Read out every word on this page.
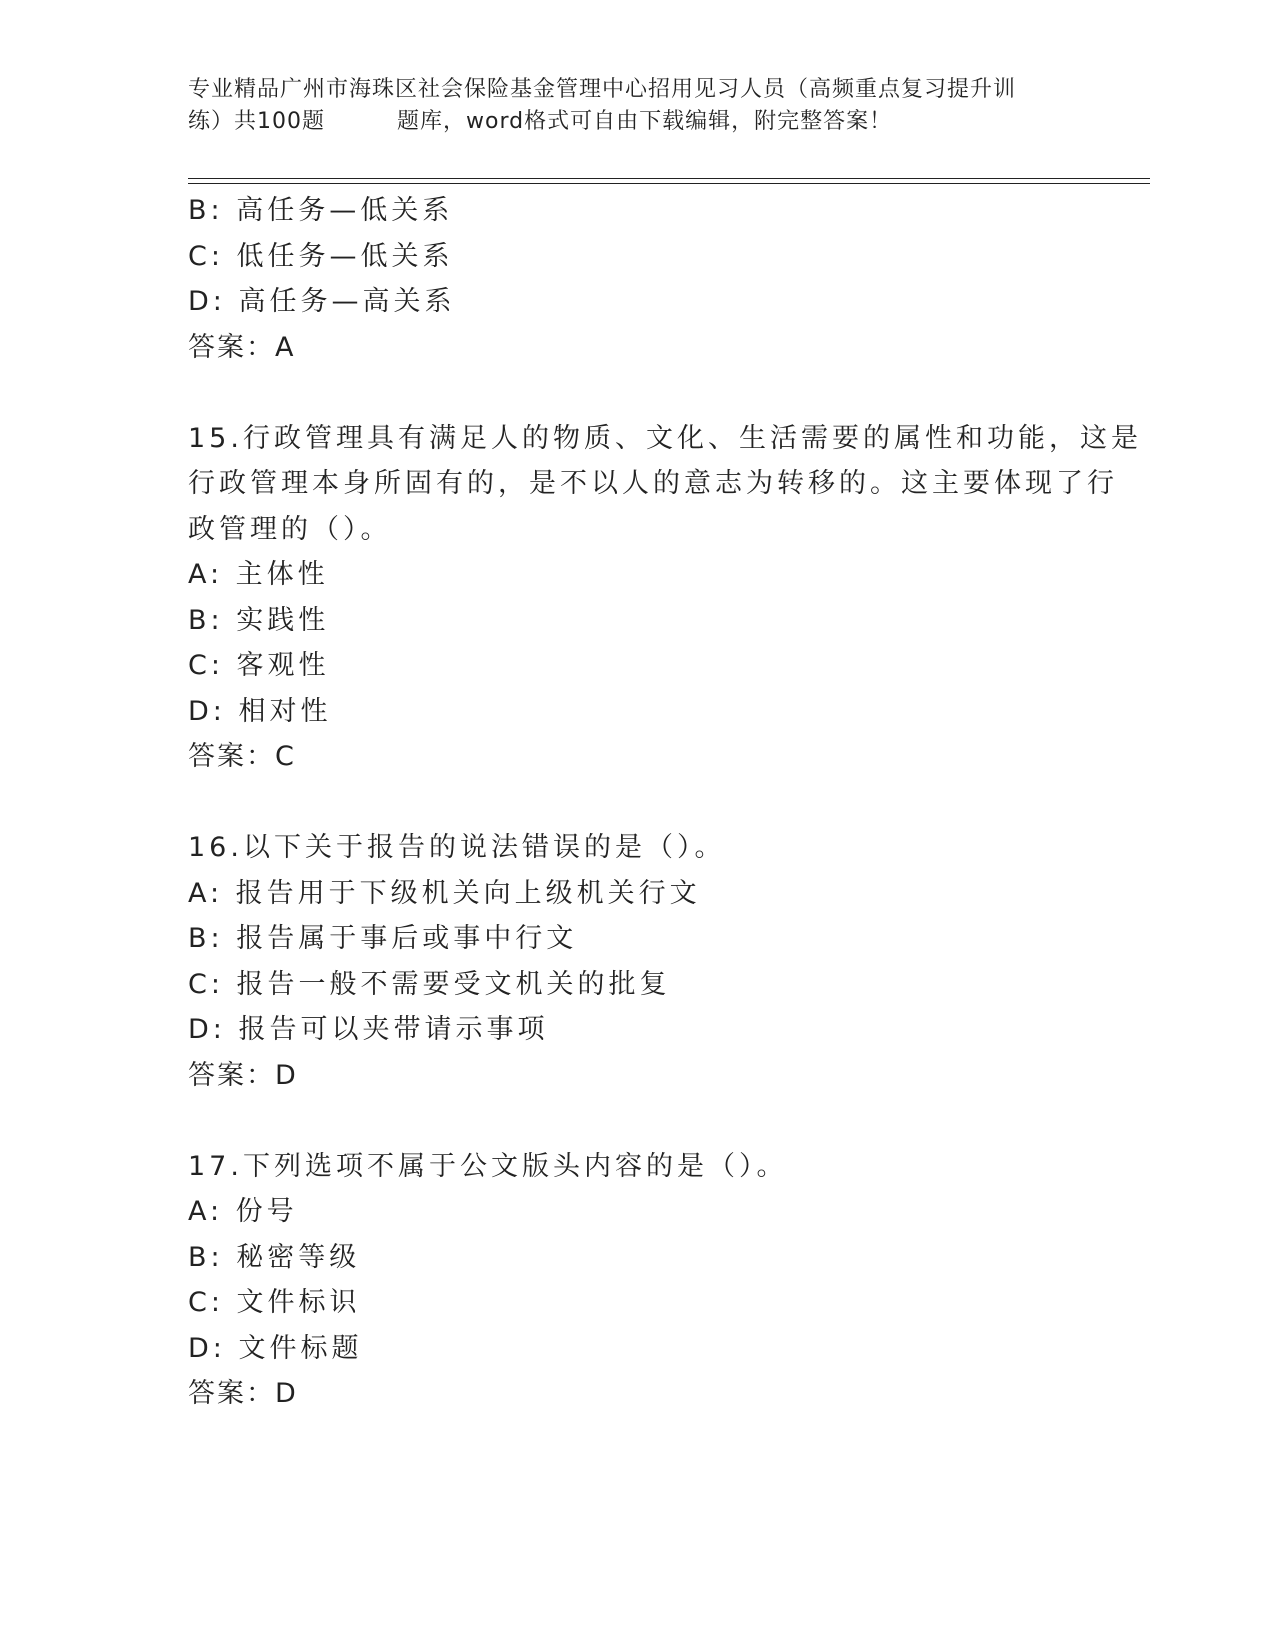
专业精品广州市海珠区社会保险基金管理中心招用见习人员（高频重点复习提升训
练）共100题	题库，word格式可自由下载编辑，附完整答案！
B: 高任务—低关系
C: 低任务—低关系
D: 高任务—高关系
答案：A
15.行政管理具有满足人的物质、文化、生活需要的属性和功能，这是
行政管理本身所固有的，是不以人的意志为转移的。这主要体现了行
政管理的（）。
A: 主体性
B: 实践性
C: 客观性
D: 相对性
答案：C
16.以下关于报告的说法错误的是（）。
A: 报告用于下级机关向上级机关行文
B: 报告属于事后或事中行文
C: 报告一般不需要受文机关的批复
D: 报告可以夹带请示事项
答案：D
17.下列选项不属于公文版头内容的是（）。
A: 份号
B: 秘密等级
C: 文件标识
D: 文件标题
答案：D
